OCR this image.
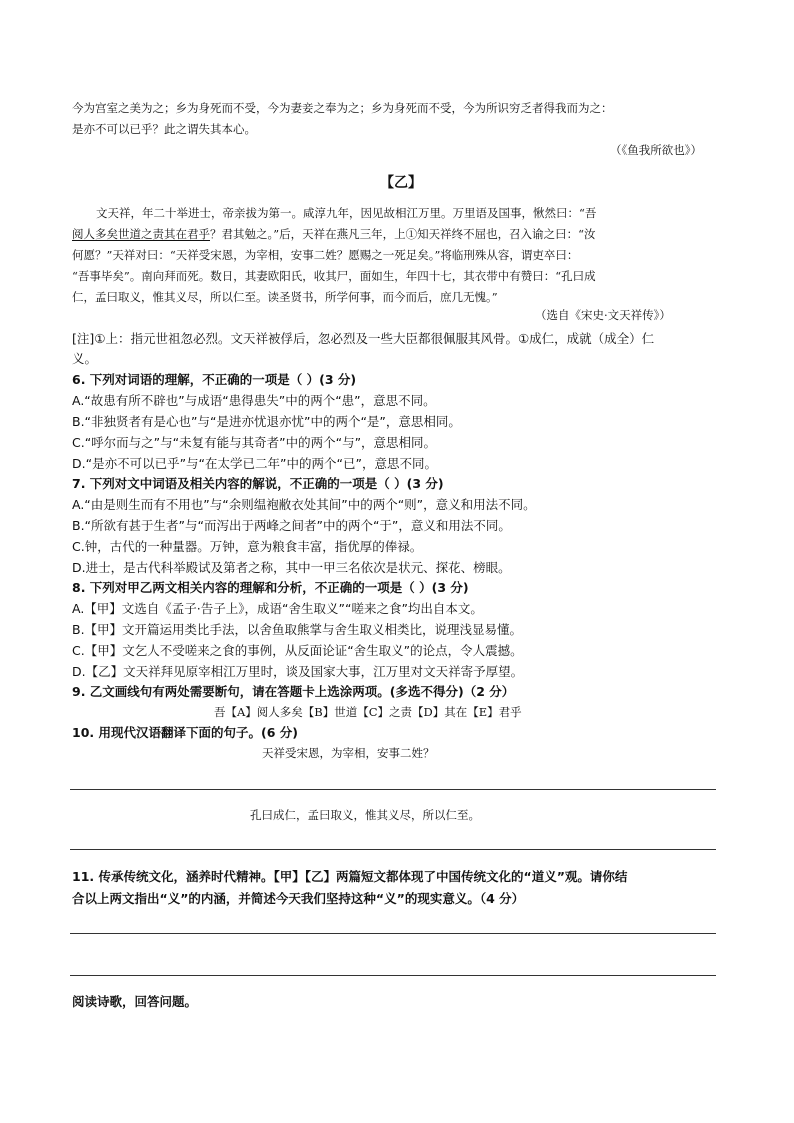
今为宫室之美为之；乡为身死而不受，今为妻妾之奉为之；乡为身死而不受，今为所识穷乏者得我而为之：
是亦不可以已乎？此之谓失其本心。
（《鱼我所欲也》）
【乙】
文天祥，年二十举进士，帝亲拔为第一。咸淳九年，因见故相江万里。万里语及国事，愀然曰：“吾
阅人多矣世道之责其在君乎？君其勉之。”后，天祥在燕凡三年，上①知天祥终不屈也，召入谕之曰：“汝
何愿？”天祥对曰：“天祥受宋恩，为宰相，安事二姓？愿赐之一死足矣。”将临刑殊从容，谓吏卒曰：
“吾事毕矣”。南向拜而死。数日，其妻欧阳氏，收其尸，面如生，年四十七，其衣带中有赞曰：“孔曰成
仁，孟曰取义，惟其义尽，所以仁至。读圣贤书，所学何事，而今而后，庶几无愧。”
（选自《宋史·文天祥传》）
[注]①上：指元世祖忽必烈。文天祥被俘后，忽必烈及一些大臣都很佩服其风骨。①成仁，成就（成全）仁
义。
6. 下列对词语的理解，不正确的一项是（ ）(3 分)
A.“故患有所不辟也”与成语“患得患失”中的两个“患”，意思不同。
B.“非独贤者有是心也”与“是进亦忧退亦忧”中的两个“是”，意思相同。
C.“呼尔而与之”与“未复有能与其奇者”中的两个“与”，意思相同。
D.“是亦不可以已乎”与“在太学已二年”中的两个“已”，意思不同。
7. 下列对文中词语及相关内容的解说，不正确的一项是（ ）(3 分)
A.“由是则生而有不用也”与“余则缊袍敝衣处其间”中的两个“则”，意义和用法不同。
B.“所欲有甚于生者”与“而泻出于两峰之间者”中的两个“于”，意义和用法不同。
C.钟，古代的一种量器。万钟，意为粮食丰富，指优厚的俸禄。
D.进士，是古代科举殿试及第者之称，其中一甲三名依次是状元、探花、榜眼。
8. 下列对甲乙两文相关内容的理解和分析，不正确的一项是（ ）(3 分)
A.【甲】文选自《孟子·告子上》，成语“舍生取义”“嗟来之食”均出自本文。
B.【甲】文开篇运用类比手法，以舍鱼取熊掌与舍生取义相类比，说理浅显易懂。
C.【甲】文乞人不受嗟来之食的事例，从反面论证“舍生取义”的论点，令人震撼。
D.【乙】文天祥拜见原宰相江万里时，谈及国家大事，江万里对文天祥寄予厚望。
9. 乙文画线句有两处需要断句，请在答题卡上选涂两项。(多选不得分)（2 分）
吾【A】阅人多矣【B】世道【C】之责【D】其在【E】君乎
10. 用现代汉语翻译下面的句子。(6 分)
天祥受宋恩，为宰相，安事二姓？
孔曰成仁，孟曰取义，惟其义尽，所以仁至。
11. 传承传统文化，涵养时代精神。【甲】【乙】两篇短文都体现了中国传统文化的“道义”观。请你结
合以上两文指出“义”的内涵，并简述今天我们坚持这种“义”的现实意义。（4 分）
阅读诗歌，回答问题。
